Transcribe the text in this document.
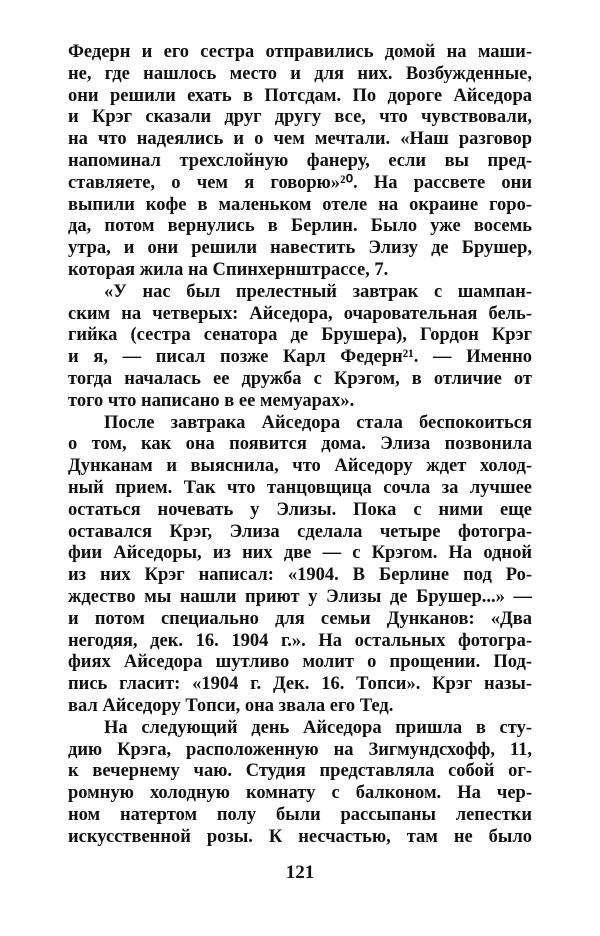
Федерн и его сестра отправились домой на маши-
не, где нашлось место и для них. Возбужденные,
они решили ехать в Потсдам. По дороге Айседора
и Крэг сказали друг другу все, что чувствовали,
на что надеялись и о чем мечтали. «Наш разговор
напоминал трехслойную фанеру, если вы пред-
ставляете, о чем я говорю»²⁰. На рассвете они
выпили кофе в маленьком отеле на окраине горо-
да, потом вернулись в Берлин. Было уже восемь
утра, и они решили навестить Элизу де Брушер,
которая жила на Спинхернштрассе, 7.
«У нас был прелестный завтрак с шампан-
ским на четверых: Айседора, очаровательная бель-
гийка (сестра сенатора де Брушера), Гордон Крэг
и я, — писал позже Карл Федерн²¹. — Именно
тогда началась ее дружба с Крэгом, в отличие от
того что написано в ее мемуарах».
После завтрака Айседора стала беспокоиться
о том, как она появится дома. Элиза позвонила
Дунканам и выяснила, что Айседору ждет холод-
ный прием. Так что танцовщица сочла за лучшее
остаться ночевать у Элизы. Пока с ними еще
оставался Крэг, Элиза сделала четыре фотогра-
фии Айседоры, из них две — с Крэгом. На одной
из них Крэг написал: «1904. В Берлине под Ро-
ждество мы нашли приют у Элизы де Брушер...» —
и потом специально для семьи Дунканов: «Два
негодяя, дек. 16. 1904 г.». На остальных фотогра-
фиях Айседора шутливо молит о прощении. Под-
пись гласит: «1904 г. Дек. 16. Топси». Крэг назы-
вал Айседору Топси, она звала его Тед.
На следующий день Айседора пришла в сту-
дию Крэга, расположенную на Зигмундсхофф, 11,
к вечернему чаю. Студия представляла собой ог-
ромную холодную комнату с балконом. На чер-
ном натертом полу были рассыпаны лепестки
искусственной розы. К несчастью, там не было
121
